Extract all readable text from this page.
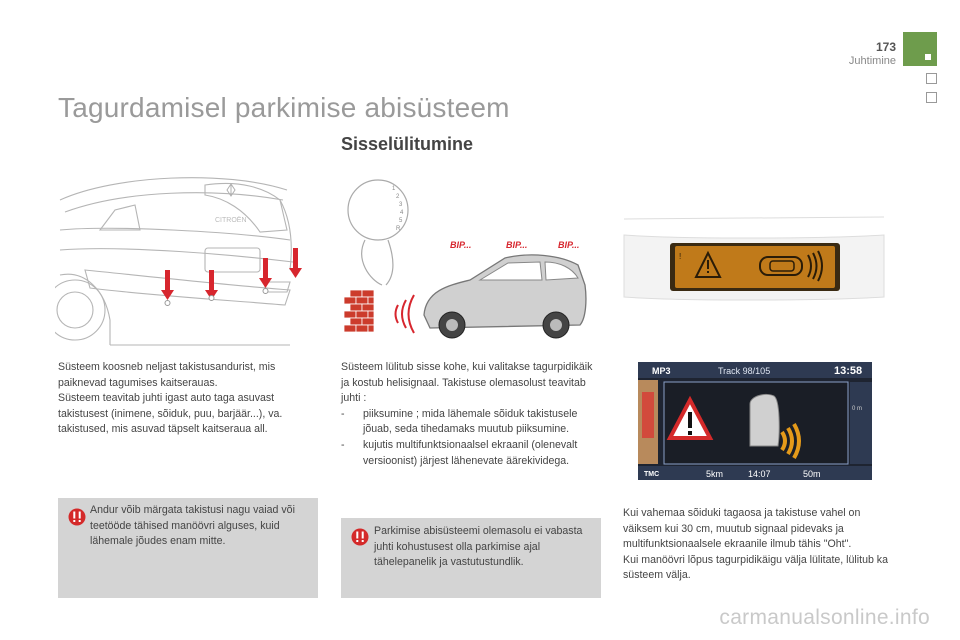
173
Juhtimine
Tagurdamisel parkimise abisüsteem
Sisselülitumine
CITROËN
1
2
3
4
5
R
BIP...	BIP...	BIP...
!
MP3	Track 98/105	13:58
0 m
TMC	5km	14:07	50m

Süsteem koosneb neljast takistusandurist, mis paiknevad tagumises kaitserauas.

Süsteem teavitab juhti igast auto taga asuvast takistusest (inimene, sõiduk, puu, barjäär...), va. takistused, mis asuvad täpselt kaitseraua all.

Süsteem lülitub sisse kohe, kui valitakse tagurpidikäik ja kostub helisignaal. Takistuse olemasolust teavitab juhti :

-	piiksumine ; mida lähemale sõiduk takistusele jõuab, seda tihedamaks muutub piiksumine.
-	kujutis multifunktsionaalsel ekraanil (olenevalt versioonist) järjest lähenevate äärekividega.

Kui vahemaa sõiduki tagaosa ja takistuse vahel on väiksem kui 30 cm, muutub signaal pidevaks ja multifunktsionaalsele ekraanile ilmub tähis "Oht".

Kui manöövri lõpus tagurpidikäigu välja lülitate, lülitub ka süsteem välja.

Andur võib märgata takistusi nagu vaiad või teetööde tähised manöövri alguses, kuid lähemale jõudes enam mitte.
Parkimise abisüsteemi olemasolu ei vabasta juhti kohustusest olla parkimise ajal tähelepanelik ja vastutustundlik.
carmanualsonline.info
